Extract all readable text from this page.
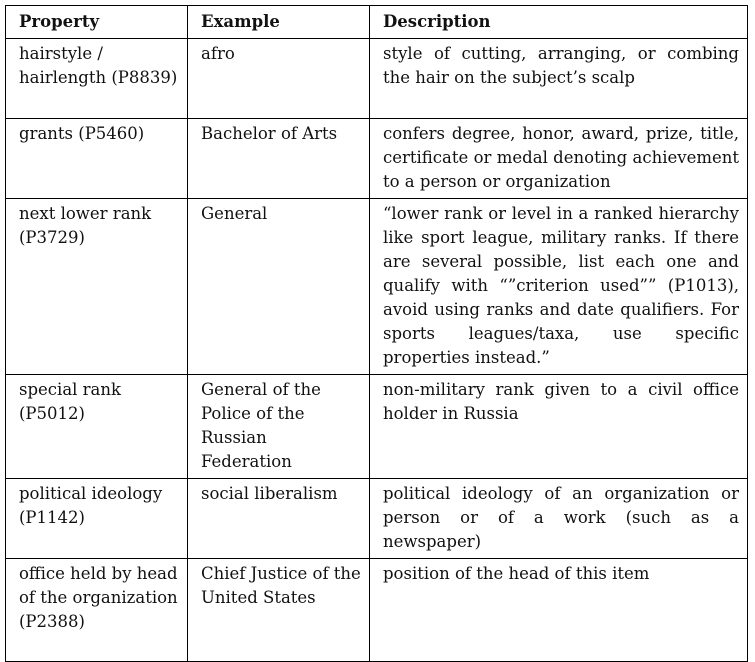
Property	Example	Description
hairstyle / hairlength (P8839)	afro	style of cutting, arranging, or combing the hair on the subject’s scalp
grants (P5460)	Bachelor of Arts	confers degree, honor, award, prize, title, certificate or medal denoting achievement to a person or organization
next lower rank (P3729)	General	“lower rank or level in a ranked hierarchy like sport league, military ranks. If there are several possible, list each one and qualify with “”criterion used”” (P1013), avoid using ranks and date qualifiers. For sports leagues/taxa, use specific properties instead.”
special rank (P5012)	General of the Police of the Russian Federation	non-military rank given to a civil office holder in Russia
political ideology (P1142)	social liberalism	political ideology of an organization or person or of a work (such as a newspaper)
office held by head of the organization (P2388)	Chief Justice of the United States	position of the head of this item
